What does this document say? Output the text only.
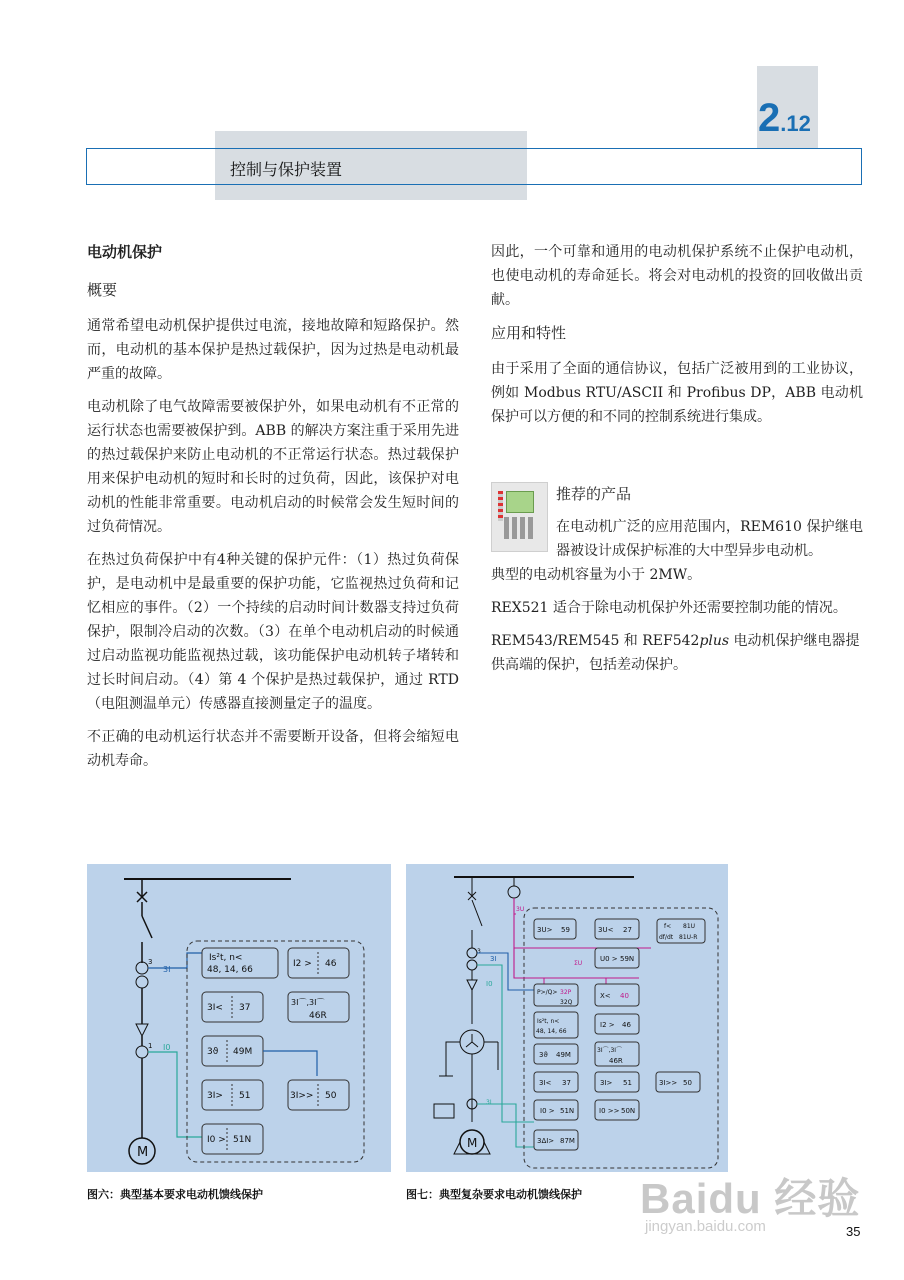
2.12
控制与保护装置
电动机保护
概要

通常希望电动机保护提供过电流，接地故障和短路保护。然而，电动机的基本保护是热过载保护，因为过热是电动机最严重的故障。

电动机除了电气故障需要被保护外，如果电动机有不正常的运行状态也需要被保护到。ABB 的解决方案注重于采用先进的热过载保护来防止电动机的不正常运行状态。热过载保护用来保护电动机的短时和长时的过负荷，因此，该保护对电动机的性能非常重要。电动机启动的时候常会发生短时间的过负荷情况。

在热过负荷保护中有4种关键的保护元件：（1）热过负荷保护，是电动机中是最重要的保护功能，它监视热过负荷和记忆相应的事件。（2）一个持续的启动时间计数器支持过负荷保护，限制冷启动的次数。（3）在单个电动机启动的时候通过启动监视功能监视热过载，该功能保护电动机转子堵转和过长时间启动。（4）第 4 个保护是热过载保护，通过 RTD（电阻测温单元）传感器直接测量定子的温度。

不正确的电动机运行状态并不需要断开设备，但将会缩短电动机寿命。

因此，一个可靠和通用的电动机保护系统不止保护电动机，也使电动机的寿命延长。将会对电动机的投资的回收做出贡献。

应用和特性

由于采用了全面的通信协议，包括广泛被用到的工业协议，例如 Modbus RTU/ASCII 和 Profibus DP，ABB 电动机保护可以方便的和不同的控制系统进行集成。

推荐的产品

在电动机广泛的应用范围内，REM610 保护继电器被设计成保护标准的大中型异步电动机。

典型的电动机容量为小于 2MW。

REX521 适合于除电动机保护外还需要控制功能的情况。

REM543/REM545 和 REF542plus 电动机保护继电器提供高端的保护，包括差动保护。

M
3
3I
1 I0
Is²t, n<
48, 14, 66
I2 > 46
3I< 37
3I⌒,3I⌒
46R
3ϑ 49M
3I> 51	3I>> 50
I0 > 51N
图六：典型基本要求电动机馈线保护
3U
3
3I
I0
3I
M
3U> 59	3U< 27	f< 81U
df/dt 81U-R
U0 > 59N
ΣU
P>/Q> 32P
32Q
X< 40
Is²t, n<
48, 14, 66
I2 > 46
3ϑ 49M
3I⌒,3I⌒
46R
3I< 37	3I> 51	3I>> 50
I0 > 51N	I0 >> 50N
3ΔI> 87M
图七：典型复杂要求电动机馈线保护 Baidu 经验
jingyan.baidu.com	35
